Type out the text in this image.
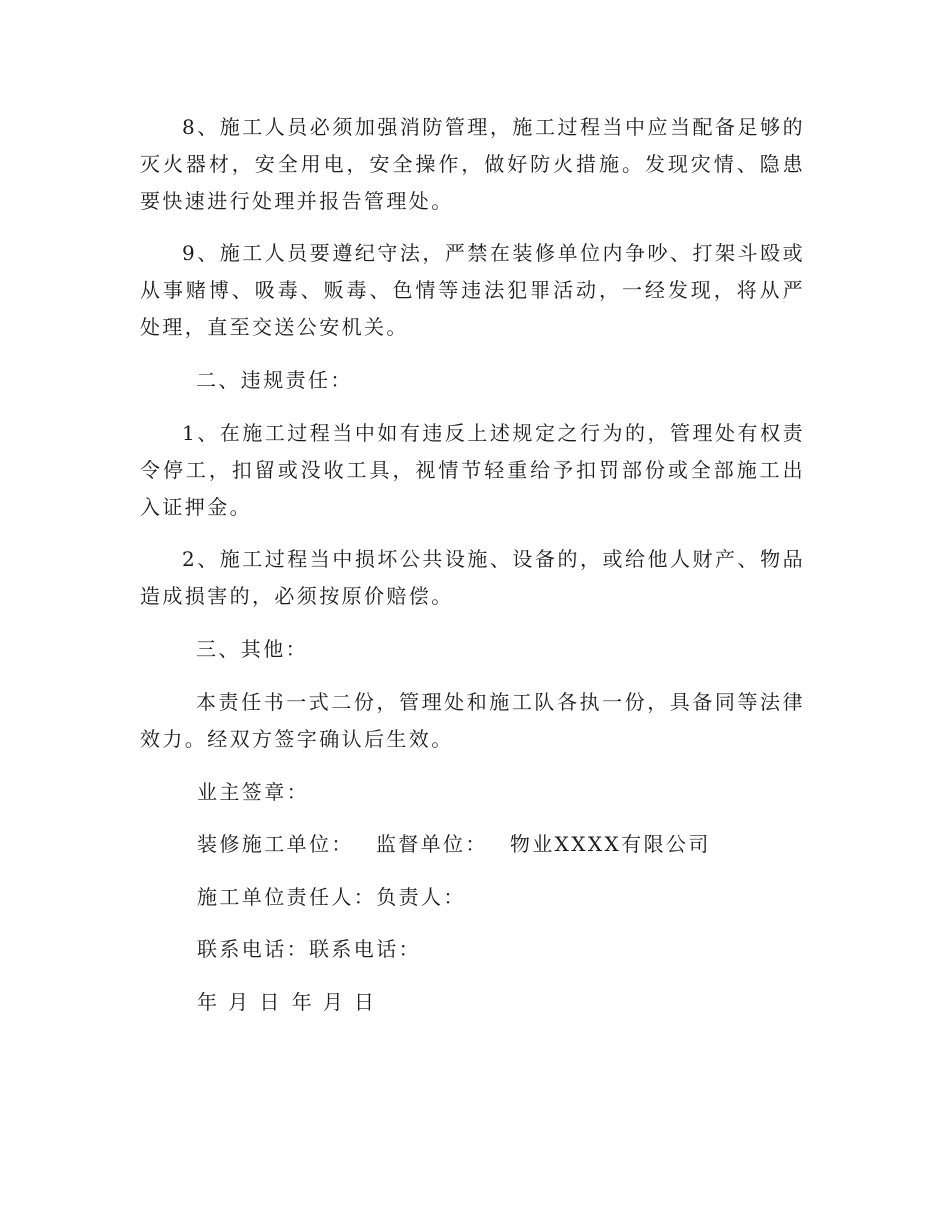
8、施工人员必须加强消防管理，施工过程当中应当配备足够的灭火器材，安全用电，安全操作，做好防火措施。发现灾情、隐患要快速进行处理并报告管理处。

9、施工人员要遵纪守法，严禁在装修单位内争吵、打架斗殴或从事赌博、吸毒、贩毒、色情等违法犯罪活动，一经发现，将从严处理，直至交送公安机关。

二、违规责任：

1、在施工过程当中如有违反上述规定之行为的，管理处有权责令停工，扣留或没收工具，视情节轻重给予扣罚部份或全部施工出入证押金。

2、施工过程当中损坏公共设施、设备的，或给他人财产、物品造成损害的，必须按原价赔偿。

三、其他：

本责任书一式二份，管理处和施工队各执一份，具备同等法律效力。经双方签字确认后生效。

业主签章：

装修施工单位： 监督单位： 物业XXXX有限公司

施工单位责任人：负责人：

联系电话：联系电话：

年 月 日 年 月 日
